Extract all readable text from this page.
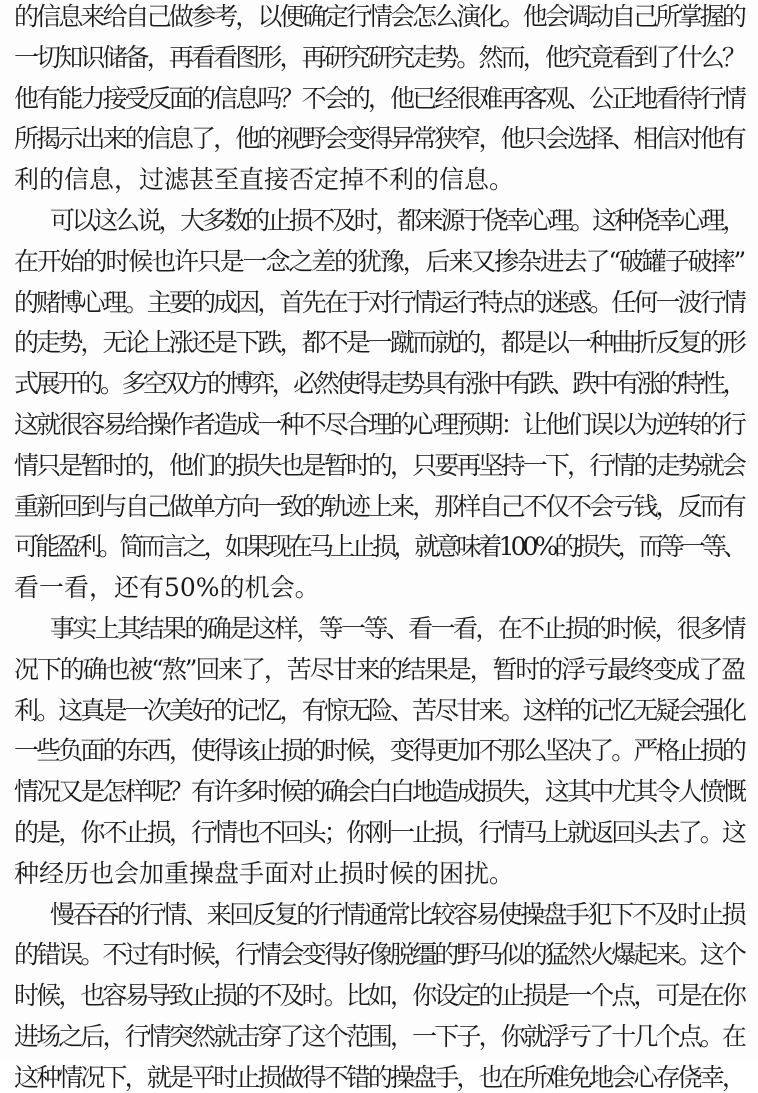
的信息来给自己做参考，以便确定行情会怎么演化。他会调动自己所掌握的
一切知识储备，再看看图形，再研究研究走势。然而，他究竟看到了什么？
他有能力接受反面的信息吗？不会的，他已经很难再客观、公正地看待行情
所揭示出来的信息了，他的视野会变得异常狭窄，他只会选择、相信对他有
利的信息，过滤甚至直接否定掉不利的信息。
可以这么说，大多数的止损不及时，都来源于侥幸心理。这种侥幸心理，
在开始的时候也许只是一念之差的犹豫，后来又掺杂进去了“破罐子破摔”
的赌博心理。主要的成因，首先在于对行情运行特点的迷惑。任何一波行情
的走势，无论上涨还是下跌，都不是一蹴而就的，都是以一种曲折反复的形
式展开的。多空双方的博弈，必然使得走势具有涨中有跌、跌中有涨的特性，
这就很容易给操作者造成一种不尽合理的心理预期：让他们误以为逆转的行
情只是暂时的，他们的损失也是暂时的，只要再坚持一下，行情的走势就会
重新回到与自己做单方向一致的轨迹上来，那样自己不仅不会亏钱，反而有
可能盈利。简而言之，如果现在马上止损，就意味着100%的损失，而等一等、
看一看，还有50%的机会。
事实上其结果的确是这样，等一等、看一看，在不止损的时候，很多情
况下的确也被“熬”回来了，苦尽甘来的结果是，暂时的浮亏最终变成了盈
利。这真是一次美好的记忆，有惊无险、苦尽甘来。这样的记忆无疑会强化
一些负面的东西，使得该止损的时候，变得更加不那么坚决了。严格止损的
情况又是怎样呢？有许多时候的确会白白地造成损失，这其中尤其令人愤慨
的是，你不止损，行情也不回头；你刚一止损，行情马上就返回头去了。这
种经历也会加重操盘手面对止损时候的困扰。
慢吞吞的行情、来回反复的行情通常比较容易使操盘手犯下不及时止损
的错误。不过有时候，行情会变得好像脱缰的野马似的猛然火爆起来。这个
时候，也容易导致止损的不及时。比如，你设定的止损是一个点，可是在你
进场之后，行情突然就击穿了这个范围，一下子，你就浮亏了十几个点。在
这种情况下，就是平时止损做得不错的操盘手，也在所难免地会心存侥幸，
